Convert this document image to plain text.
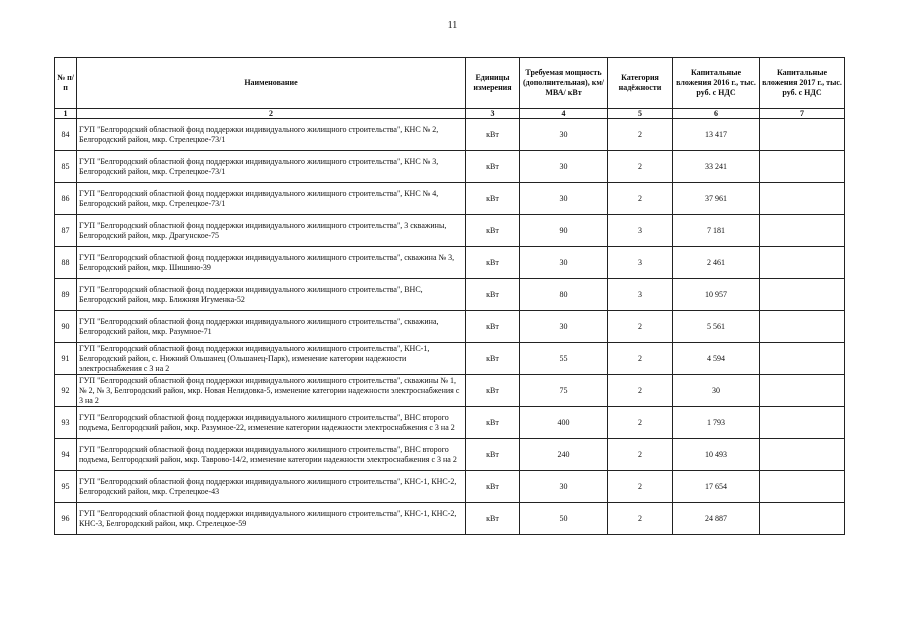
11
№ п/п	Наименование	Единицы измерения	Требуемая мощность (дополнительная), км/ МВА/ кВт	Категория надёжности	Капитальные вложения 2016 г., тыс. руб. с НДС	Капитальные вложения 2017 г., тыс. руб. с НДС
1	2	3	4	5	6	7
84	ГУП "Белгородский областной фонд поддержки индивидуального жилищного строительства", КНС № 2, Белгородский район, мкр. Стрелецкое-73/1	кВт	30	2	13 417	
85	ГУП "Белгородский областной фонд поддержки индивидуального жилищного строительства", КНС № 3, Белгородский район, мкр. Стрелецкое-73/1	кВт	30	2	33 241	
86	ГУП "Белгородский областной фонд поддержки индивидуального жилищного строительства", КНС № 4, Белгородский район, мкр. Стрелецкое-73/1	кВт	30	2	37 961	
87	ГУП "Белгородский областной фонд поддержки индивидуального жилищного строительства", 3 скважины, Белгородский район, мкр. Драгунское-75	кВт	90	3	7 181	
88	ГУП "Белгородский областной фонд поддержки индивидуального жилищного строительства", скважина № 3, Белгородский район, мкр. Шишино-39	кВт	30	3	2 461	
89	ГУП "Белгородский областной фонд поддержки индивидуального жилищного строительства", ВНС, Белгородский район, мкр. Ближняя Игуменка-52	кВт	80	3	10 957	
90	ГУП "Белгородский областной фонд поддержки индивидуального жилищного строительства", скважина, Белгородский район, мкр. Разумное-71	кВт	30	2	5 561	
91	ГУП "Белгородский областной фонд поддержки индивидуального жилищного строительства", КНС-1, Белгородский район, с. Нижний Ольшанец (Ольшанец-Парк), изменение категории надежности электроснабжения с 3 на 2	кВт	55	2	4 594	
92	ГУП "Белгородский областной фонд поддержки индивидуального жилищного строительства", скважины № 1, № 2, № 3, Белгородский район, мкр. Новая Нелидовка-5, изменение категории надежности электроснабжения с 3 на 2	кВт	75	2	30	
93	ГУП "Белгородский областной фонд поддержки индивидуального жилищного строительства", ВНС второго подъема, Белгородский район, мкр. Разумное-22, изменение категории надежности электроснабжения с 3 на 2	кВт	400	2	1 793	
94	ГУП "Белгородский областной фонд поддержки индивидуального жилищного строительства", ВНС второго подъема, Белгородский район, мкр. Таврово-14/2, изменение категории надежности электроснабжения с 3 на 2	кВт	240	2	10 493	
95	ГУП "Белгородский областной фонд поддержки индивидуального жилищного строительства", КНС-1, КНС-2, Белгородский район, мкр. Стрелецкое-43	кВт	30	2	17 654	
96	ГУП "Белгородский областной фонд поддержки индивидуального жилищного строительства", КНС-1, КНС-2, КНС-3, Белгородский район, мкр. Стрелецкое-59	кВт	50	2	24 887	
